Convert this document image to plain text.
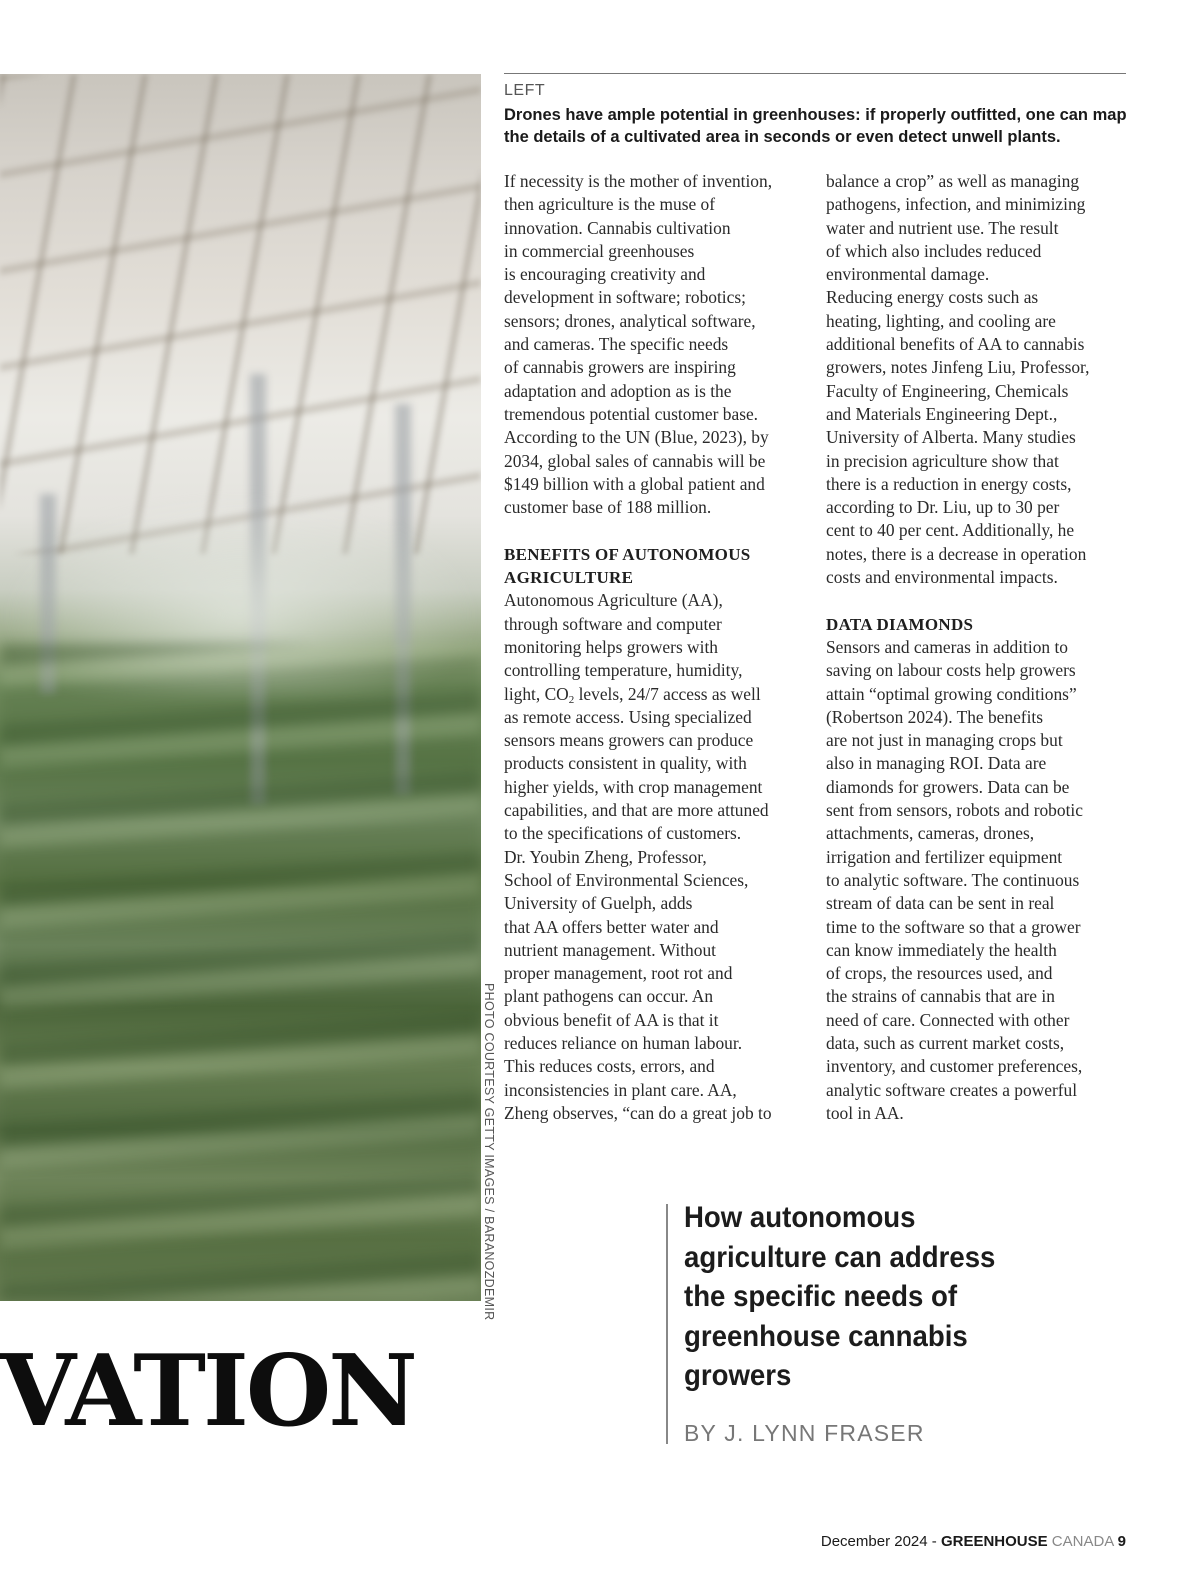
PHOTO COURTESY GETTY IMAGES / BARANOZDEMIR
VATION
LEFT
Drones have ample potential in greenhouses: if properly outfitted, one can map the details of a cultivated area in seconds or even detect unwell plants.

If necessity is the mother of invention,
then agriculture is the muse of
innovation. Cannabis cultivation
in commercial greenhouses
is encouraging creativity and
development in software; robotics;
sensors; drones, analytical software,
and cameras. The specific needs
of cannabis growers are inspiring
adaptation and adoption as is the
tremendous potential customer base.
According to the UN (Blue, 2023), by
2034, global sales of cannabis will be
$149 billion with a global patient and
customer base of 188 million.

BENEFITS OF AUTONOMOUS
AGRICULTURE

Autonomous Agriculture (AA),
through software and computer
monitoring helps growers with
controlling temperature, humidity,
light, $CO_2$ levels, 24/7 access as well
as remote access. Using specialized
sensors means growers can produce
products consistent in quality, with
higher yields, with crop management
capabilities, and that are more attuned
to the specifications of customers.

Dr. Youbin Zheng, Professor,
School of Environmental Sciences,
University of Guelph, adds
that AA offers better water and
nutrient management. Without
proper management, root rot and
plant pathogens can occur. An
obvious benefit of AA is that it
reduces reliance on human labour.
This reduces costs, errors, and
inconsistencies in plant care. AA,
Zheng observes, “can do a great job to

balance a crop” as well as managing
pathogens, infection, and minimizing
water and nutrient use. The result
of which also includes reduced
environmental damage.

Reducing energy costs such as
heating, lighting, and cooling are
additional benefits of AA to cannabis
growers, notes Jinfeng Liu, Professor,
Faculty of Engineering, Chemicals
and Materials Engineering Dept.,
University of Alberta. Many studies
in precision agriculture show that
there is a reduction in energy costs,
according to Dr. Liu, up to 30 per
cent to 40 per cent. Additionally, he
notes, there is a decrease in operation
costs and environmental impacts.

DATA DIAMONDS

Sensors and cameras in addition to
saving on labour costs help growers
attain “optimal growing conditions”
(Robertson 2024). The benefits
are not just in managing crops but
also in managing ROI. Data are
diamonds for growers. Data can be
sent from sensors, robots and robotic
attachments, cameras, drones,
irrigation and fertilizer equipment
to analytic software. The continuous
stream of data can be sent in real
time to the software so that a grower
can know immediately the health
of crops, the resources used, and
the strains of cannabis that are in
need of care. Connected with other
data, such as current market costs,
inventory, and customer preferences,
analytic software creates a powerful
tool in AA.

How autonomous
agriculture can address
the specific needs of
greenhouse cannabis
growers
BY J. LYNN FRASER
December 2024 - GREENHOUSE CANADA 9
